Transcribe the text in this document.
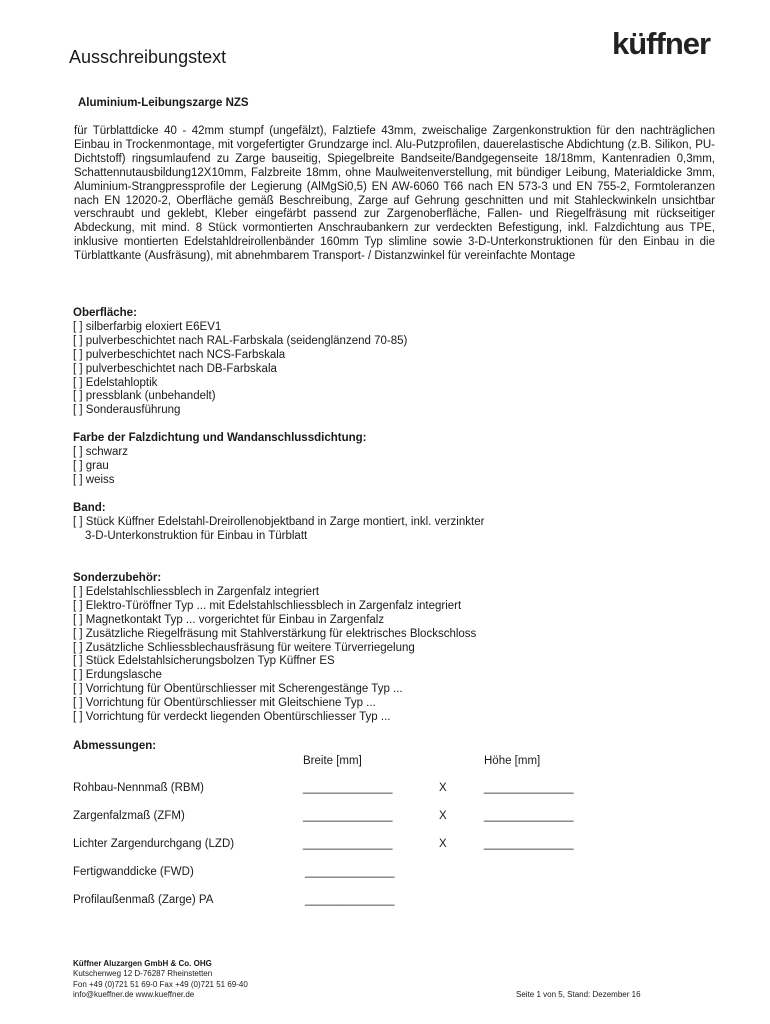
Ausschreibungstext	küffner
Aluminium-Leibungszarge NZS
für Türblattdicke 40 - 42mm stumpf (ungefälzt), Falztiefe 43mm, zweischalige Zargenkonstruktion für den nachträglichen Einbau in Trockenmontage, mit vorgefertigter Grundzarge incl. Alu-Putzprofilen, dauerelastische Abdichtung (z.B. Silikon, PU-Dichtstoff) ringsumlaufend zu Zarge bauseitig, Spiegelbreite Bandseite/Bandgegenseite 18/18mm, Kantenradien 0,3mm, Schattennutausbildung12X10mm, Falzbreite 18mm, ohne Maulweitenverstellung, mit bündiger Leibung, Materialdicke 3mm, Aluminium-Strangpressprofile der Legierung (AlMgSi0,5) EN AW-6060 T66 nach EN 573-3 und EN 755-2, Formtoleranzen nach EN 12020-2, Oberfläche gemäß Beschreibung, Zarge auf Gehrung geschnitten und mit Stahleckwinkeln unsichtbar verschraubt und geklebt, Kleber eingefärbt passend zur Zargenoberfläche, Fallen- und Riegelfräsung mit rückseitiger Abdeckung, mit mind. 8 Stück vormontierten Anschraubankern zur verdeckten Befestigung, inkl. Falzdichtung aus TPE, inklusive montierten Edelstahldreirollenbänder 160mm Typ slimline sowie 3-D-Unterkonstruktionen für den Einbau in die Türblattkante (Ausfräsung), mit abnehmbarem Transport- / Distanzwinkel für vereinfachte Montage
Oberfläche:
[ ] silberfarbig eloxiert E6EV1
[ ] pulverbeschichtet nach RAL-Farbskala (seidenglänzend 70-85)
[ ] pulverbeschichtet nach NCS-Farbskala
[ ] pulverbeschichtet nach DB-Farbskala
[ ] Edelstahloptik
[ ] pressblank (unbehandelt)
[ ] Sonderausführung
Farbe der Falzdichtung und Wandanschlussdichtung:
[ ] schwarz
[ ] grau
[ ] weiss
Band:
[ ] Stück Küffner Edelstahl-Dreirollenobjektband in Zarge montiert, inkl. verzinkter
3-D-Unterkonstruktion für Einbau in Türblatt
Sonderzubehör:
[ ] Edelstahlschliessblech in Zargenfalz integriert
[ ] Elektro-Türöffner Typ ... mit Edelstahlschliessblech in Zargenfalz integriert
[ ] Magnetkontakt Typ ... vorgerichtet für Einbau in Zargenfalz
[ ] Zusätzliche Riegelfräsung mit Stahlverstärkung für elektrisches Blockschloss
[ ] Zusätzliche Schliessblechausfräsung für weitere Türverriegelung
[ ] Stück Edelstahlsicherungsbolzen Typ Küffner ES
[ ] Erdungslasche
[ ] Vorrichtung für Obentürschliesser mit Scherengestänge Typ ...
[ ] Vorrichtung für Obentürschliesser mit Gleitschiene Typ ...
[ ] Vorrichtung für verdeckt liegenden Obentürschliesser Typ ...
Abmessungen:
Breite [mm]	Höhe [mm]
Rohbau-Nennmaß (RBM)	______________	X	______________
Zargenfalzmaß (ZFM)	______________	X	______________
Lichter Zargendurchgang (LZD)	______________	X	______________
Fertigwanddicke (FWD)	______________
Profilaußenmaß (Zarge) PA	______________
Küffner Aluzargen GmbH & Co. OHG
Kutschenweg 12 D-76287 Rheinstetten
Fon +49 (0)721 51 69-0 Fax +49 (0)721 51 69-40
info@kueffner.de www.kueffner.de	Seite 1 von 5, Stand: Dezember 16
